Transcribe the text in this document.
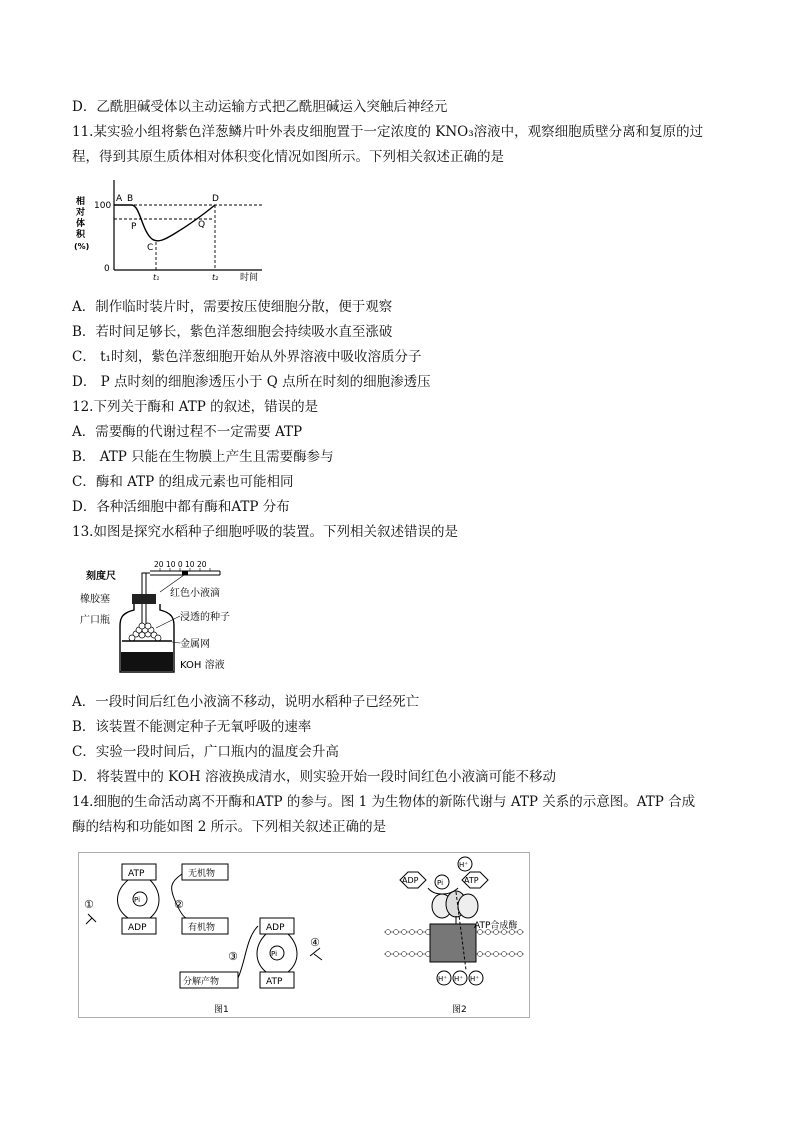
D．乙酰胆碱受体以主动运输方式把乙酰胆碱运入突触后神经元
11.某实验小组将紫色洋葱鳞片叶外表皮细胞置于一定浓度的 KNO₃溶液中，观察细胞质壁分离和复原的过
程，得到其原生质体相对体积变化情况如图所示。下列相关叙述正确的是
相
对
体
积
(%)
100
0
A B	D
P
C
Q
t₁	t₂ 时间
A．制作临时装片时，需要按压使细胞分散，便于观察
B．若时间足够长，紫色洋葱细胞会持续吸水直至涨破
C． t₁时刻，紫色洋葱细胞开始从外界溶液中吸收溶质分子
D． P 点时刻的细胞渗透压小于 Q 点所在时刻的细胞渗透压
12.下列关于酶和 ATP 的叙述，错误的是
A．需要酶的代谢过程不一定需要 ATP
B． ATP 只能在生物膜上产生且需要酶参与
C．酶和 ATP 的组成元素也可能相同
D．各种活细胞中都有酶和ATP 分布
13.如图是探究水稻种子细胞呼吸的装置。下列相关叙述错误的是
20 10 0 10 20
刻度尺
红色小液滴
橡胶塞
浸透的种子
广口瓶
金属网
KOH 溶液
A．一段时间后红色小液滴不移动，说明水稻种子已经死亡
B．该装置不能测定种子无氧呼吸的速率
C．实验一段时间后，广口瓶内的温度会升高
D．将装置中的 KOH 溶液换成清水，则实验开始一段时间红色小液滴可能不移动
14.细胞的生命活动离不开酶和ATP 的参与。图 1 为生物体的新陈代谢与 ATP 关系的示意图。ATP 合成
酶的结构和功能如图 2 所示。下列相关叙述正确的是
ATP
ADP
无机物
有机物	ADP
ATP
分解产物
Pi
Pi
①	②
③
④
图1
ADP	ATP
Pi
H⁺
H⁺ H⁺ H⁺
ATP合成酶
图2
